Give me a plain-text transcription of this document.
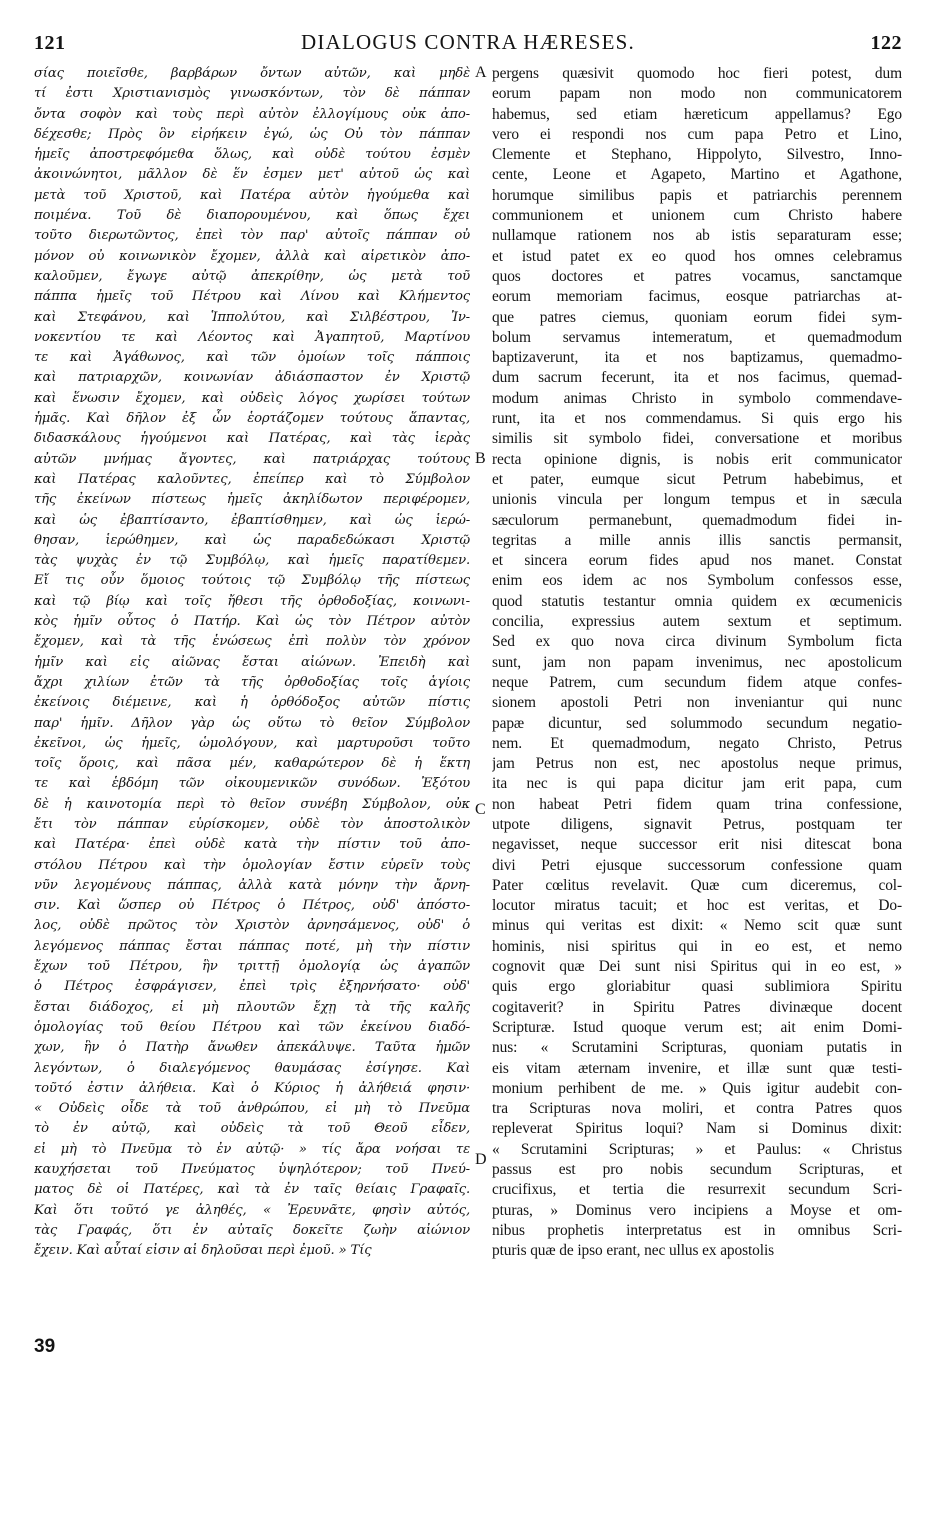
121	DIALOGUS CONTRA HÆRESES.	122
σίας ποιεῖσθε, βαρβάρων ὄντων αὐτῶν, καὶ μηδὲ
τί ἐστι Χριστιανισμὸς γινωσκόντων, τὸν δὲ πάππαν
ὄντα σοφὸν καὶ τοὺς περὶ αὐτὸν ἐλλογίμους οὐκ ἀπο-
δέχεσθε; Πρὸς ὃν εἰρήκειν ἐγώ, ὡς Οὐ τὸν πάππαν
ἡμεῖς ἀποστρεφόμεθα ὅλως, καὶ οὐδὲ τούτου ἐσμὲν
ἀκοινώνητοι, μᾶλλον δὲ ἕν ἐσμεν μετ' αὐτοῦ ὡς καὶ
μετὰ τοῦ Χριστοῦ, καὶ Πατέρα αὐτὸν ἡγούμεθα καὶ
ποιμένα. Τοῦ δὲ διαπορουμένου, καὶ ὅπως ἔχει
τοῦτο διερωτῶντος, ἐπεὶ τὸν παρ' αὐτοῖς πάππαν οὐ
μόνον οὐ κοινωνικὸν ἔχομεν, ἀλλὰ καὶ αἱρετικὸν ἀπο-
καλοῦμεν, ἔγωγε αὐτῷ ἀπεκρίθην, ὡς μετὰ τοῦ
πάππα ἡμεῖς τοῦ Πέτρου καὶ Λίνου καὶ Κλήμεντος
καὶ Στεφάνου, καὶ Ἱππολύτου, καὶ Σιλβέστρου, Ἰν-
νοκεντίου τε καὶ Λέοντος καὶ Ἀγαπητοῦ, Μαρτίνου
τε καὶ Ἀγάθωνος, καὶ τῶν ὁμοίων τοῖς πάπποις
καὶ πατριαρχῶν, κοινωνίαν ἀδιάσπαστον ἐν Χριστῷ
καὶ ἕνωσιν ἔχομεν, καὶ οὐδεὶς λόγος χωρίσει τούτων
ἡμᾶς. Καὶ δῆλον ἐξ ὧν ἑορτάζομεν τούτους ἅπαντας,
διδασκάλους ἡγούμενοι καὶ Πατέρας, καὶ τὰς ἱερὰς
αὐτῶν μνήμας ἄγοντες, καὶ πατριάρχας τούτους
καὶ Πατέρας καλοῦντες, ἐπείπερ καὶ τὸ Σύμβολον
τῆς ἐκείνων πίστεως ἡμεῖς ἀκηλίδωτον περιφέρομεν,
καὶ ὡς ἐβαπτίσαντο, ἐβαπτίσθημεν, καὶ ὡς ἱερώ-
θησαν, ἱερώθημεν, καὶ ὡς παραδεδώκασι Χριστῷ
τὰς ψυχὰς ἐν τῷ Συμβόλῳ, καὶ ἡμεῖς παρατίθεμεν.
Εἴ τις οὖν ὅμοιος τούτοις τῷ Συμβόλῳ τῆς πίστεως
καὶ τῷ βίῳ καὶ τοῖς ἤθεσι τῆς ὀρθοδοξίας, κοινωνι-
κὸς ἡμῖν οὗτος ὁ Πατήρ. Καὶ ὡς τὸν Πέτρον αὐτὸν
ἔχομεν, καὶ τὰ τῆς ἑνώσεως ἐπὶ πολὺν τὸν χρόνον
ἡμῖν καὶ εἰς αἰῶνας ἔσται αἰώνων. Ἐπειδὴ καὶ
ἄχρι χιλίων ἐτῶν τὰ τῆς ὀρθοδοξίας τοῖς ἁγίοις
ἐκείνοις διέμεινε, καὶ ἡ ὀρθόδοξος αὐτῶν πίστις
παρ' ἡμῖν. Δῆλον γὰρ ὡς οὕτω τὸ θεῖον Σύμβολον
ἐκεῖνοι, ὡς ἡμεῖς, ὡμολόγουν, καὶ μαρτυροῦσι τοῦτο
τοῖς ὅροις, καὶ πᾶσα μέν, καθαρώτερον δὲ ἡ ἕκτη
τε καὶ ἑβδόμη τῶν οἰκουμενικῶν συνόδων. Ἐξότου
δὲ ἡ καινοτομία περὶ τὸ θεῖον συνέβη Σύμβολον, οὐκ
ἔτι τὸν πάππαν εὑρίσκομεν, οὐδὲ τὸν ἀποστολικὸν
καὶ Πατέρα· ἐπεὶ οὐδὲ κατὰ τὴν πίστιν τοῦ ἀπο-
στόλου Πέτρου καὶ τὴν ὁμολογίαν ἔστιν εὑρεῖν τοὺς
νῦν λεγομένους πάππας, ἀλλὰ κατὰ μόνην τὴν ἄρνη-
σιν. Καὶ ὥσπερ οὐ Πέτρος ὁ Πέτρος, οὐδ' ἀπόστο-
λος, οὐδὲ πρῶτος τὸν Χριστὸν ἀρνησάμενος, οὐδ' ὁ
λεγόμενος πάππας ἔσται πάππας ποτέ, μὴ τὴν πίστιν
ἔχων τοῦ Πέτρου, ἣν τριττῇ ὁμολογίᾳ ὡς ἀγαπῶν
ὁ Πέτρος ἐσφράγισεν, ἐπεὶ τρὶς ἐξηρνήσατο· οὐδ'
ἔσται διάδοχος, εἰ μὴ πλουτῶν ἔχῃ τὰ τῆς καλῆς
ὁμολογίας τοῦ θείου Πέτρου καὶ τῶν ἐκείνου διαδό-
χων, ἣν ὁ Πατὴρ ἄνωθεν ἀπεκάλυψε. Ταῦτα ἡμῶν
λεγόντων, ὁ διαλεγόμενος θαυμάσας ἐσίγησε. Καὶ
τοῦτό ἐστιν ἀλήθεια. Καὶ ὁ Κύριος ἡ ἀλήθειά φησιν·
« Οὐδεὶς οἶδε τὰ τοῦ ἀνθρώπου, εἰ μὴ τὸ Πνεῦμα
τὸ ἐν αὐτῷ, καὶ οὐδεὶς τὰ τοῦ Θεοῦ εἶδεν,
εἰ μὴ τὸ Πνεῦμα τὸ ἐν αὐτῷ· » τίς ἄρα νοήσαι τε
καυχήσεται τοῦ Πνεύματος ὑψηλότερον; τοῦ Πνεύ-
ματος δὲ οἱ Πατέρες, καὶ τὰ ἐν ταῖς θείαις Γραφαῖς.
Καὶ ὅτι τοῦτό γε ἀληθές, « Ἐρευνᾶτε, φησὶν αὐτός,
τὰς Γραφάς, ὅτι ἐν αὐταῖς δοκεῖτε ζωὴν αἰώνιον
ἔχειν. Καὶ αὗταί εἰσιν αἱ δηλοῦσαι περὶ ἐμοῦ. » Τίς
A
B
C
D
pergens quæsivit quomodo hoc fieri potest, dum
eorum papam non modo non communicatorem
habemus, sed etiam hæreticum appellamus? Ego
vero ei respondi nos cum papa Petro et Lino,
Clemente et Stephano, Hippolyto, Silvestro, Inno-
cente, Leone et Agapeto, Martino et Agathone,
horumque similibus papis et patriarchis perennem
communionem et unionem cum Christo habere
nullamque rationem nos ab istis separaturam esse;
et istud patet ex eo quod hos omnes celebramus
quos doctores et patres vocamus, sanctamque
eorum memoriam facimus, eosque patriarchas at-
que patres ciemus, quoniam eorum fidei sym-
bolum servamus intemeratum, et quemadmodum
baptizaverunt, ita et nos baptizamus, quemadmo-
dum sacrum fecerunt, ita et nos facimus, quemad-
modum animas Christo in symbolo commendave-
runt, ita et nos commendamus. Si quis ergo his
similis sit symbolo fidei, conversatione et moribus
recta opinione dignis, is nobis erit communicator
et pater, eumque sicut Petrum habebimus, et
unionis vincula per longum tempus et in sæcula
sæculorum permanebunt, quemadmodum fidei in-
tegritas a mille annis illis sanctis permansit,
et sincera eorum fides apud nos manet. Constat
enim eos idem ac nos Symbolum confessos esse,
quod statutis testantur omnia quidem ex œcumenicis
concilia, expressius autem sextum et septimum.
Sed ex quo nova circa divinum Symbolum ficta
sunt, jam non papam invenimus, nec apostolicum
neque Patrem, cum secundum fidem atque confes-
sionem apostoli Petri non inveniantur qui nunc
papæ dicuntur, sed solummodo secundum negatio-
nem. Et quemadmodum, negato Christo, Petrus
jam Petrus non est, nec apostolus neque primus,
ita nec is qui papa dicitur jam erit papa, cum
non habeat Petri fidem quam trina confessione,
utpote diligens, signavit Petrus, postquam ter
negavisset, neque successor erit nisi ditescat bona
divi Petri ejusque successorum confessione quam
Pater cœlitus revelavit. Quæ cum diceremus, col-
locutor miratus tacuit; et hoc est veritas, et Do-
minus qui veritas est dixit: « Nemo scit quæ sunt
hominis, nisi spiritus qui in eo est, et nemo
cognovit quæ Dei sunt nisi Spiritus qui in eo est, »
quis ergo gloriabitur quasi sublimiora Spiritu
cogitaverit? in Spiritu Patres divinæque docent
Scripturæ. Istud quoque verum est; ait enim Domi-
nus: « Scrutamini Scripturas, quoniam putatis in
eis vitam æternam invenire, et illæ sunt quæ testi-
monium perhibent de me. » Quis igitur audebit con-
tra Scripturas nova moliri, et contra Patres quos
repleverat Spiritus loqui? Nam si Dominus dixit:
« Scrutamini Scripturas; » et Paulus: « Christus
passus est pro nobis secundum Scripturas, et
crucifixus, et tertia die resurrexit secundum Scri-
pturas, » Dominus vero incipiens a Moyse et om-
nibus prophetis interpretatus est in omnibus Scri-
pturis quæ de ipso erant, nec ullus ex apostolis
39
